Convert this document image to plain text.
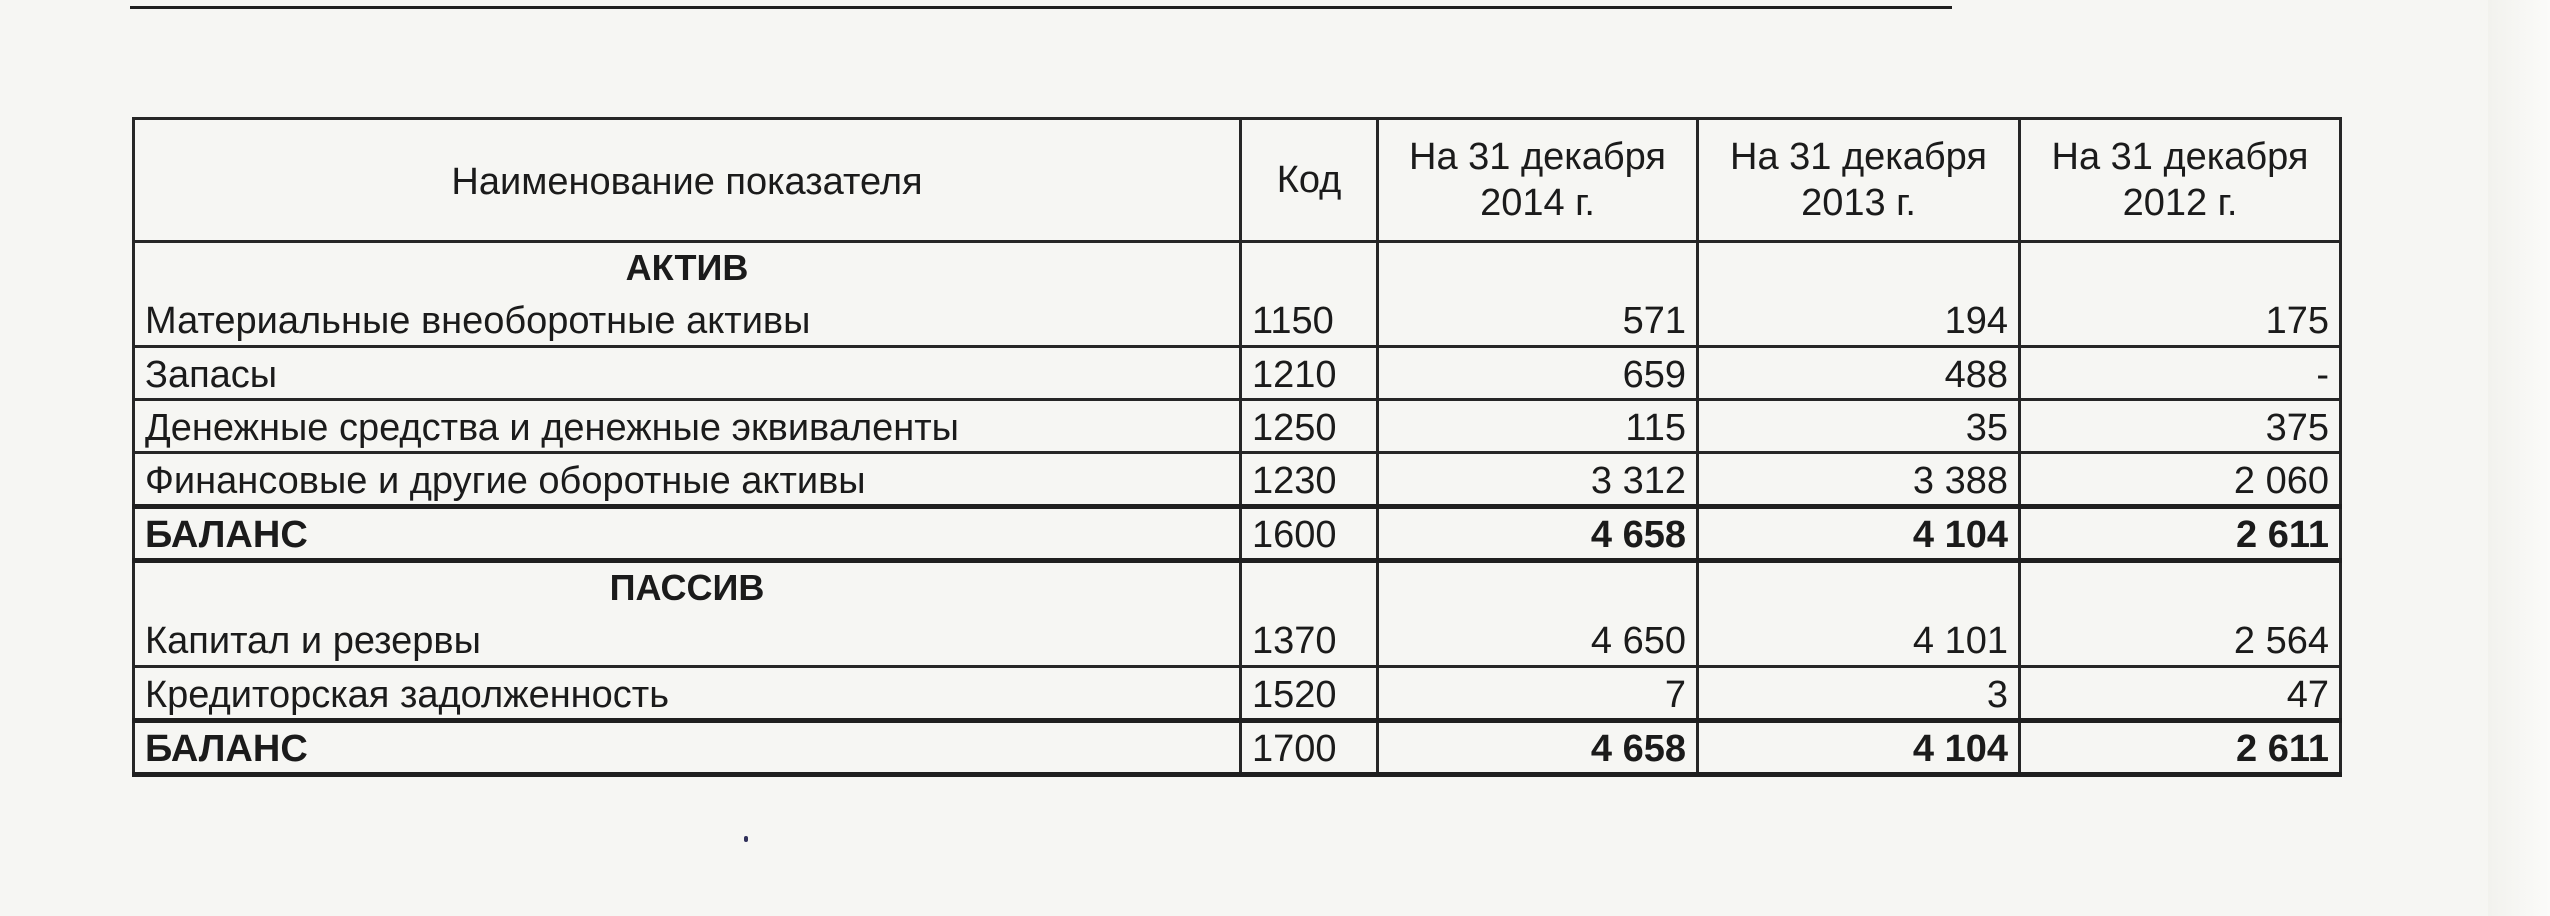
Наименование показателя	Код	На 31 декабря 2014 г.	На 31 декабря 2013 г.	На 31 декабря 2012 г.

АКТИВ				
Материальные внеоборотные активы	1150	571	194	175
Запасы	1210	659	488	-
Денежные средства и денежные эквиваленты	1250	115	35	375
Финансовые и другие оборотные активы	1230	3 312	3 388	2 060
БАЛАНС	1600	4 658	4 104	2 611
ПАССИВ				
Капитал и резервы	1370	4 650	4 101	2 564
Кредиторская задолженность	1520	7	3	47
БАЛАНС	1700	4 658	4 104	2 611
